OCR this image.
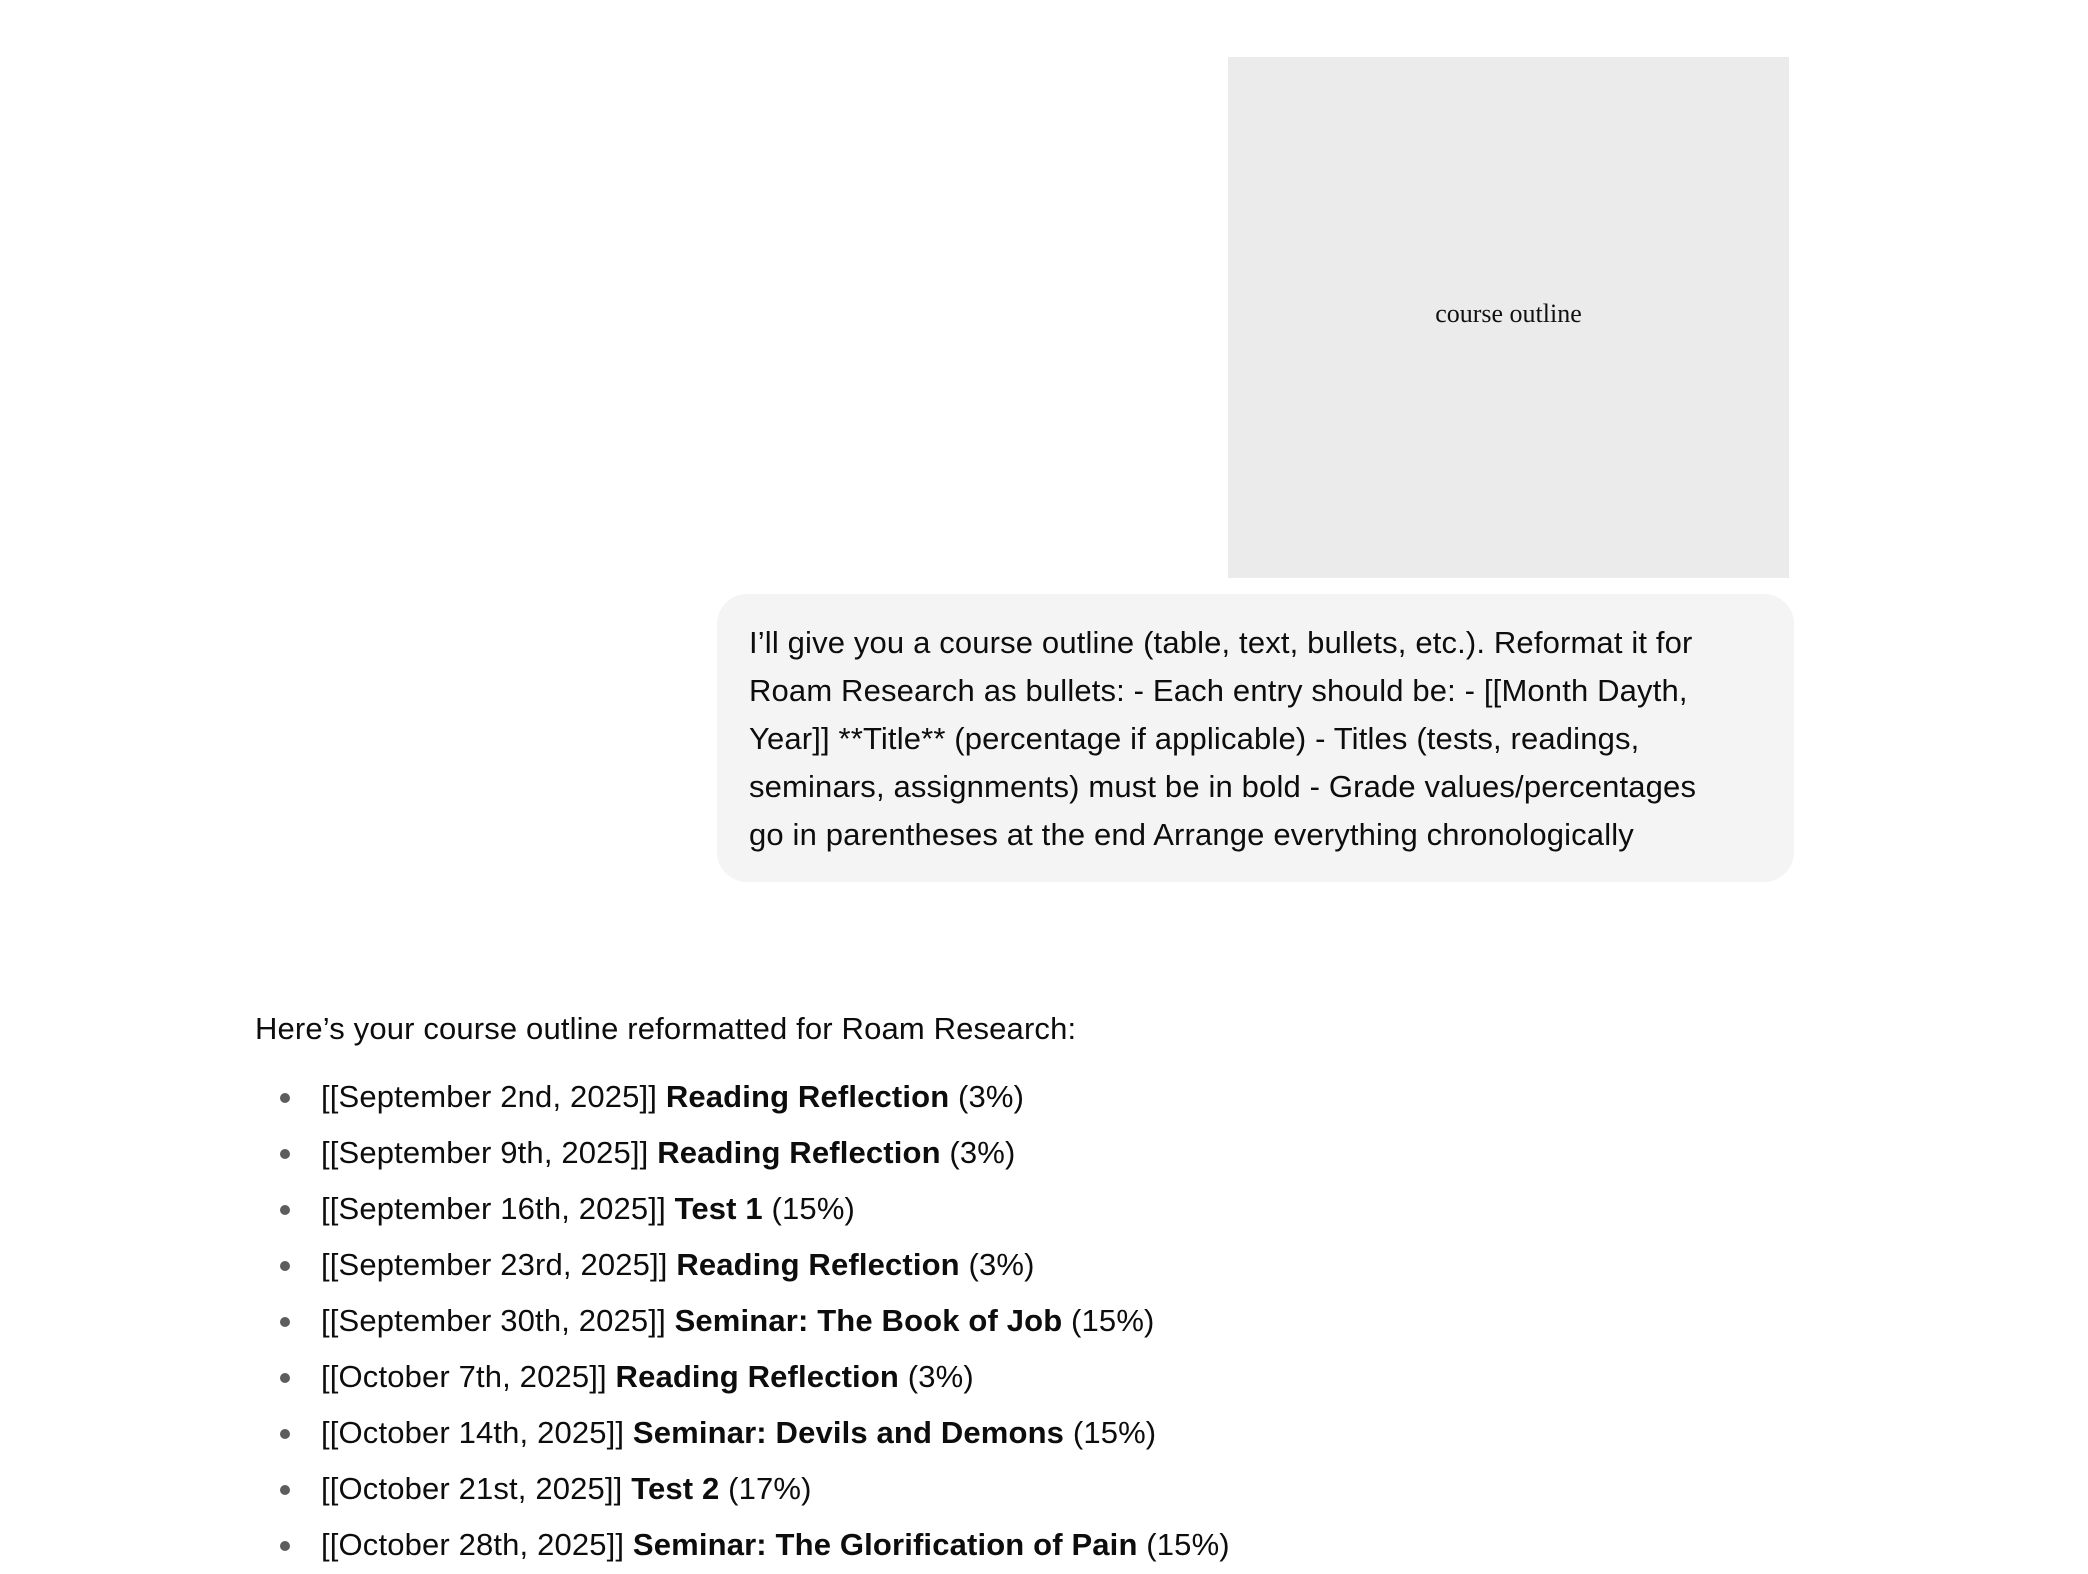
course outline

I’ll give you a course outline (table, text, bullets, etc.). Reformat it for
Roam Research as bullets: - Each entry should be: - [[Month Dayth,
Year]] **Title** (percentage if applicable) - Titles (tests, readings,
seminars, assignments) must be in bold - Grade values/percentages
go in parentheses at the end Arrange everything chronologically

Here’s your course outline reformatted for Roam Research:

[[September 2nd, 2025]] Reading Reflection (3%)
[[September 9th, 2025]] Reading Reflection (3%)
[[September 16th, 2025]] Test 1 (15%)
[[September 23rd, 2025]] Reading Reflection (3%)
[[September 30th, 2025]] Seminar: The Book of Job (15%)
[[October 7th, 2025]] Reading Reflection (3%)
[[October 14th, 2025]] Seminar: Devils and Demons (15%)
[[October 21st, 2025]] Test 2 (17%)
[[October 28th, 2025]] Seminar: The Glorification of Pain (15%)
